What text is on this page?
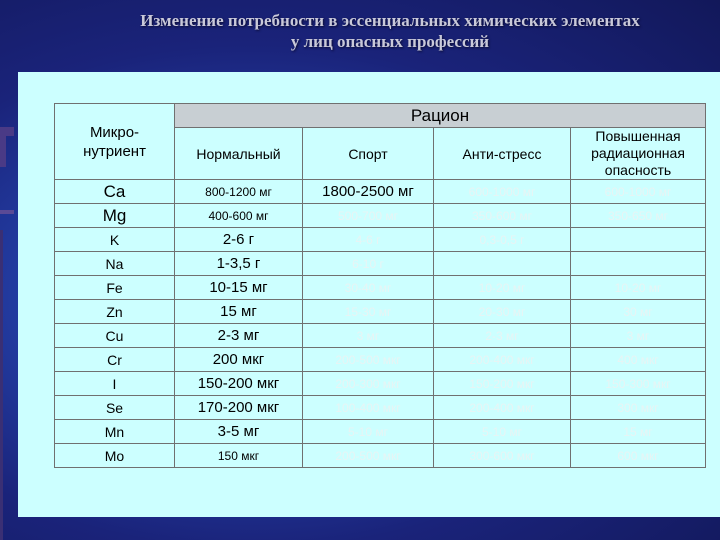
Изменение потребности в эссенциальных химических элементах
у лиц опасных профессий
Микро-
нутриент	Рацион			
	Нормальный	Спорт	Анти-стресс	Повышенная радиационная опасность
Ca	800-1200 мг	1800-2500 мг	600-1000 мг	600-1000 мг
Mg	400-600 мг	500-700 мг	350-600 мг	350-650 мг
K	2-6 г	4-6 г	0,3-0,5 г	
Na	1-3,5 г	6-10 г		
Fe	10-15 мг	30-40 мг	10-20 мг	10-20 мг
Zn	15 мг	15-30 мг	20-30 мг	30 мг
Cu	2-3 мг	3 мг	2-3 мг	3 мг
Cr	200 мкг	200-500 мкг	200-400 мкг	400 мкг
I	150-200 мкг	200-300 мкг	150-200 мкг	150-300 мкг
Se	170-200 мкг	100-400 мкг	200-400 мкг	300 мкг
Mn	3-5 мг	5-10 мг	5-10 мг	15 мг
Mo	150 мкг	200-500 мкг	300-600 мкг	600 мкг
